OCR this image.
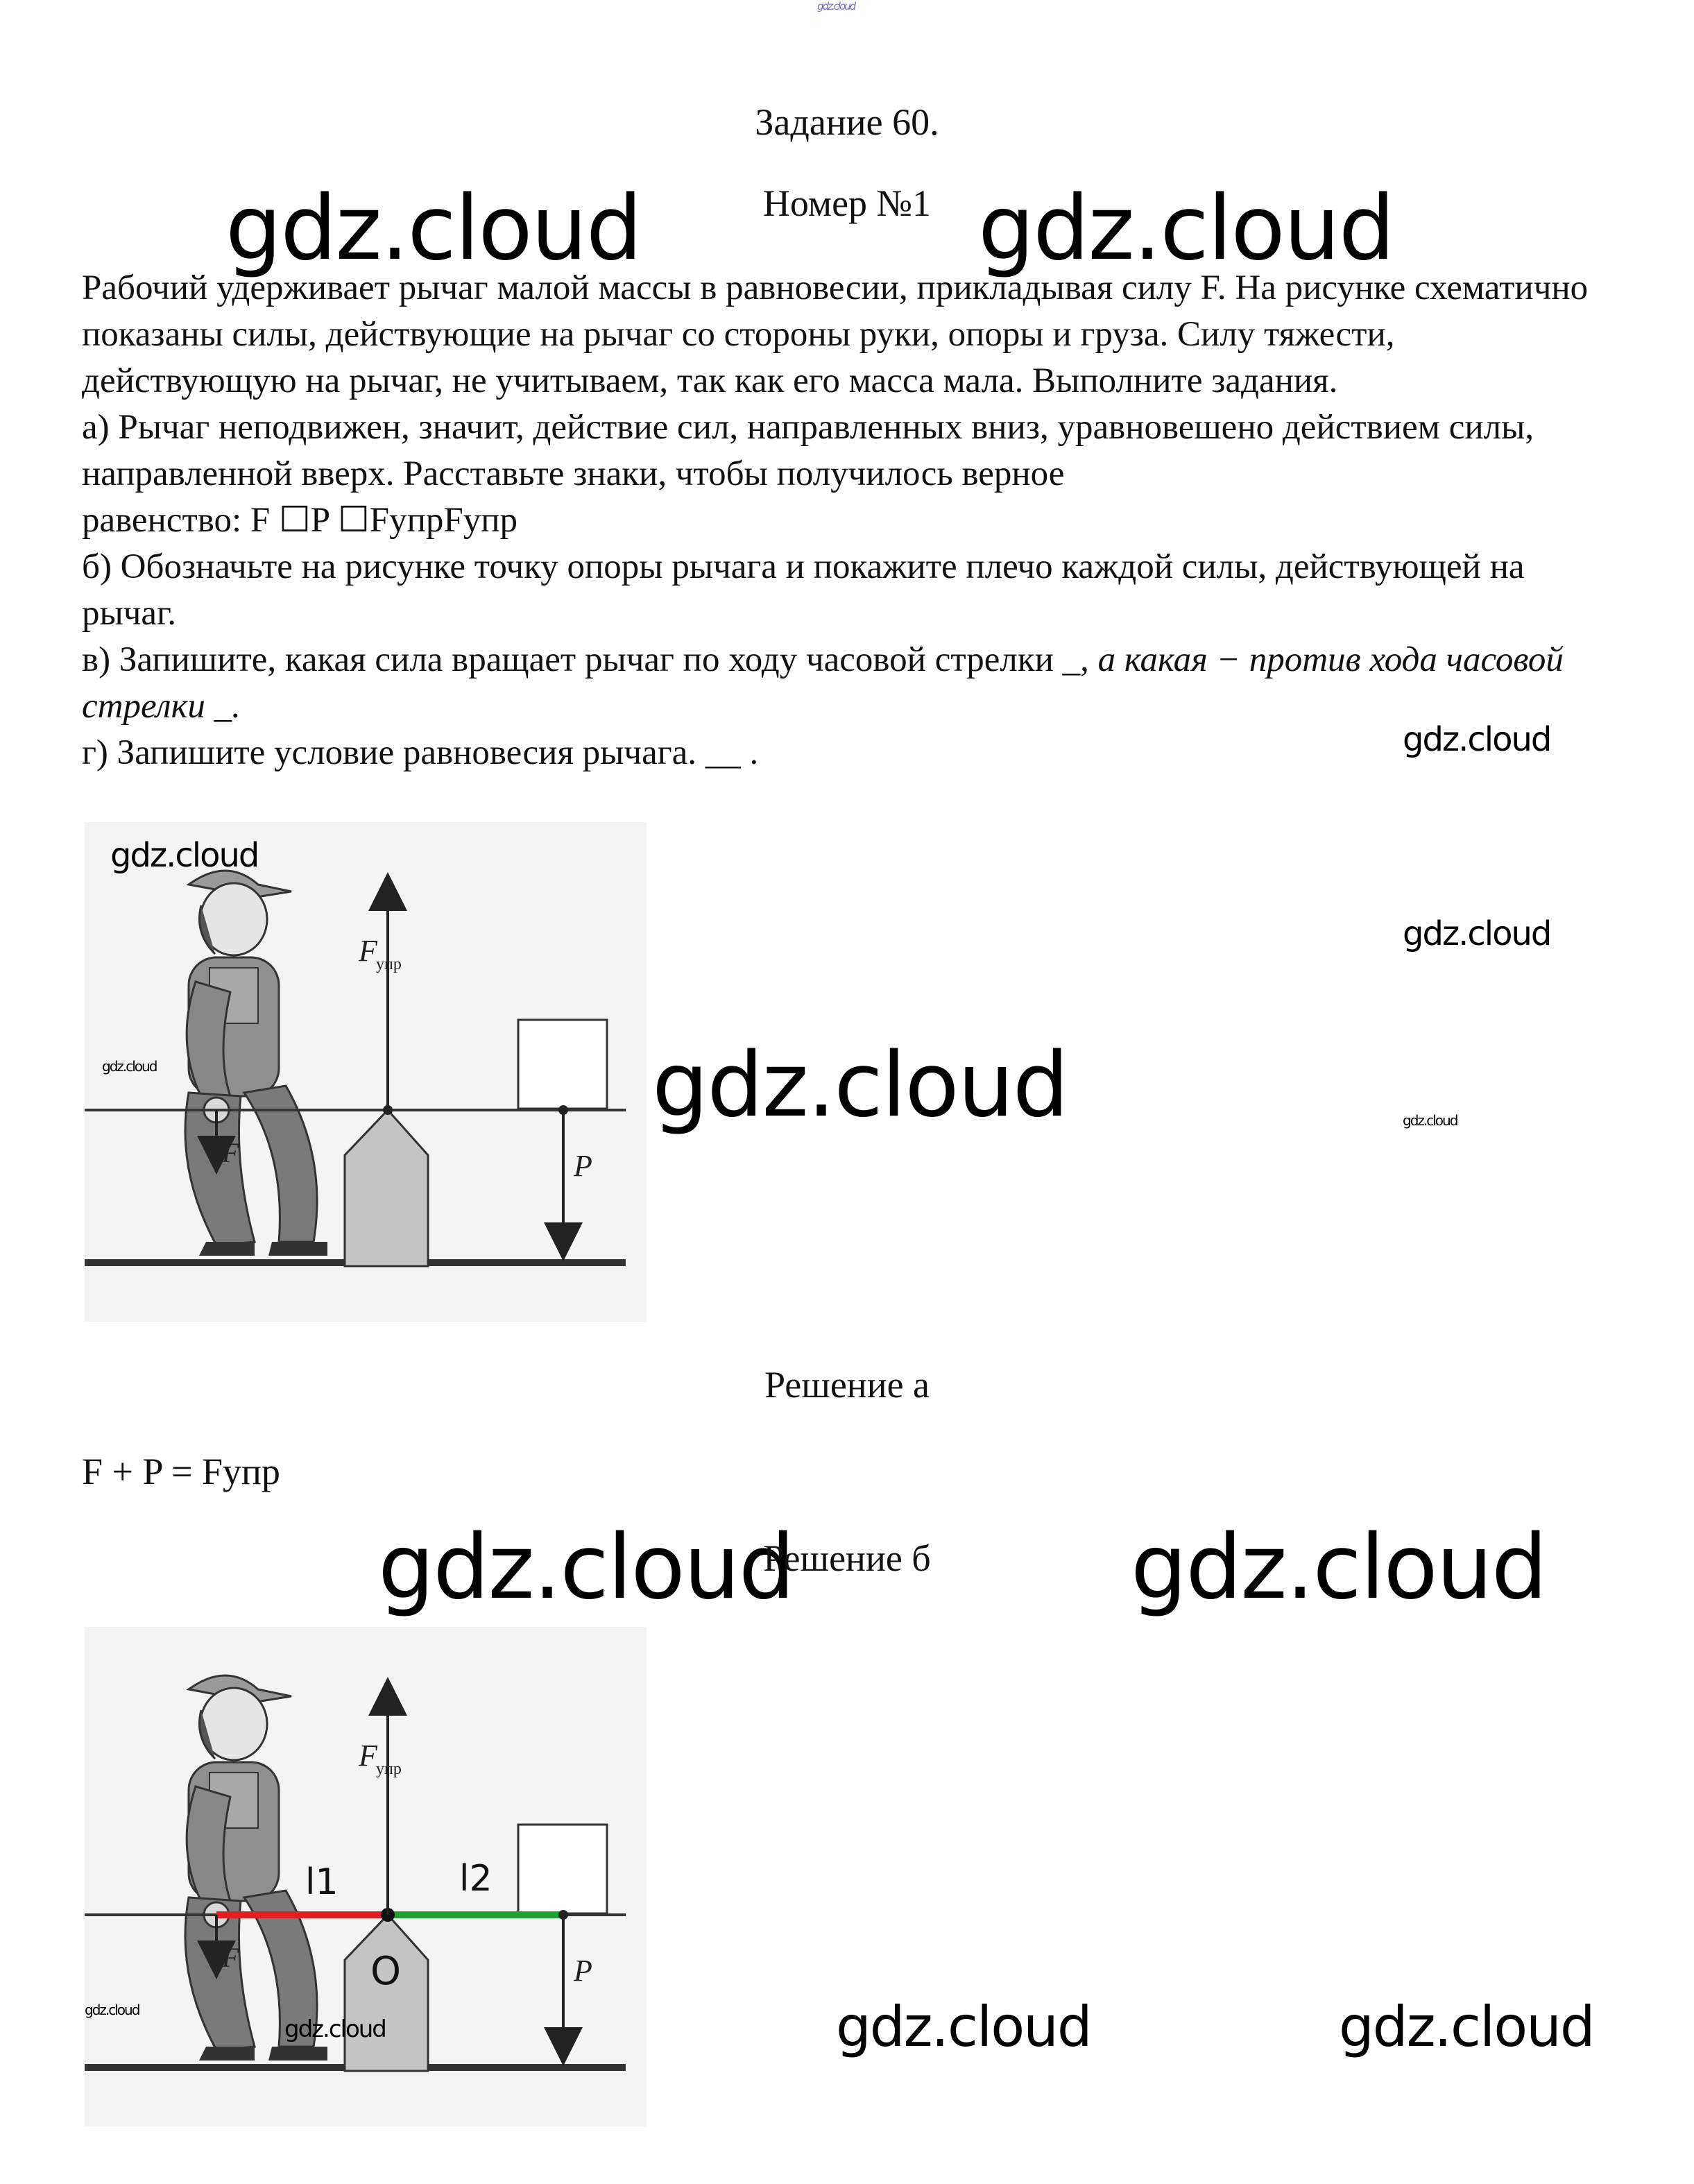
gdz.cloud
Задание 60.
Номер №1
gdz.cloud	gdz.cloud

Рабочий удерживает рычаг малой массы в равновесии, прикладывая силу F. На рисунке схематично показаны силы, действующие на рычаг со стороны руки, опоры и груза. Силу тяжести, действующую на рычаг, не учитываем, так как его масса мала. Выполните задания.

а) Рычаг неподвижен, значит, действие сил, направленных вниз, уравновешено действием силы, направленной вверх. Расставьте знаки, чтобы получилось верное

равенство: F ☐P ☐FупрFупр

б) Обозначьте на рисунке точку опоры рычага и покажите плечо каждой силы, действующей на рычаг.

в) Запишите, какая сила вращает рычаг по ходу часовой стрелки _, а какая − против хода часовой стрелки _.

г) Запишите условие равновесия рычага. __ .	gdz.cloud
gdz.cloud
gdz.cloud
F
упр
P
F
gdz.cloud
gdz.cloud	gdz.cloud
Решение а
F + P = Fупр
gdz.cloud
Решение б	gdz.cloud
F
упр
P
F
l1	l2
O
gdz.cloud
gdz.cloud	gdz.cloud	gdz.cloud
